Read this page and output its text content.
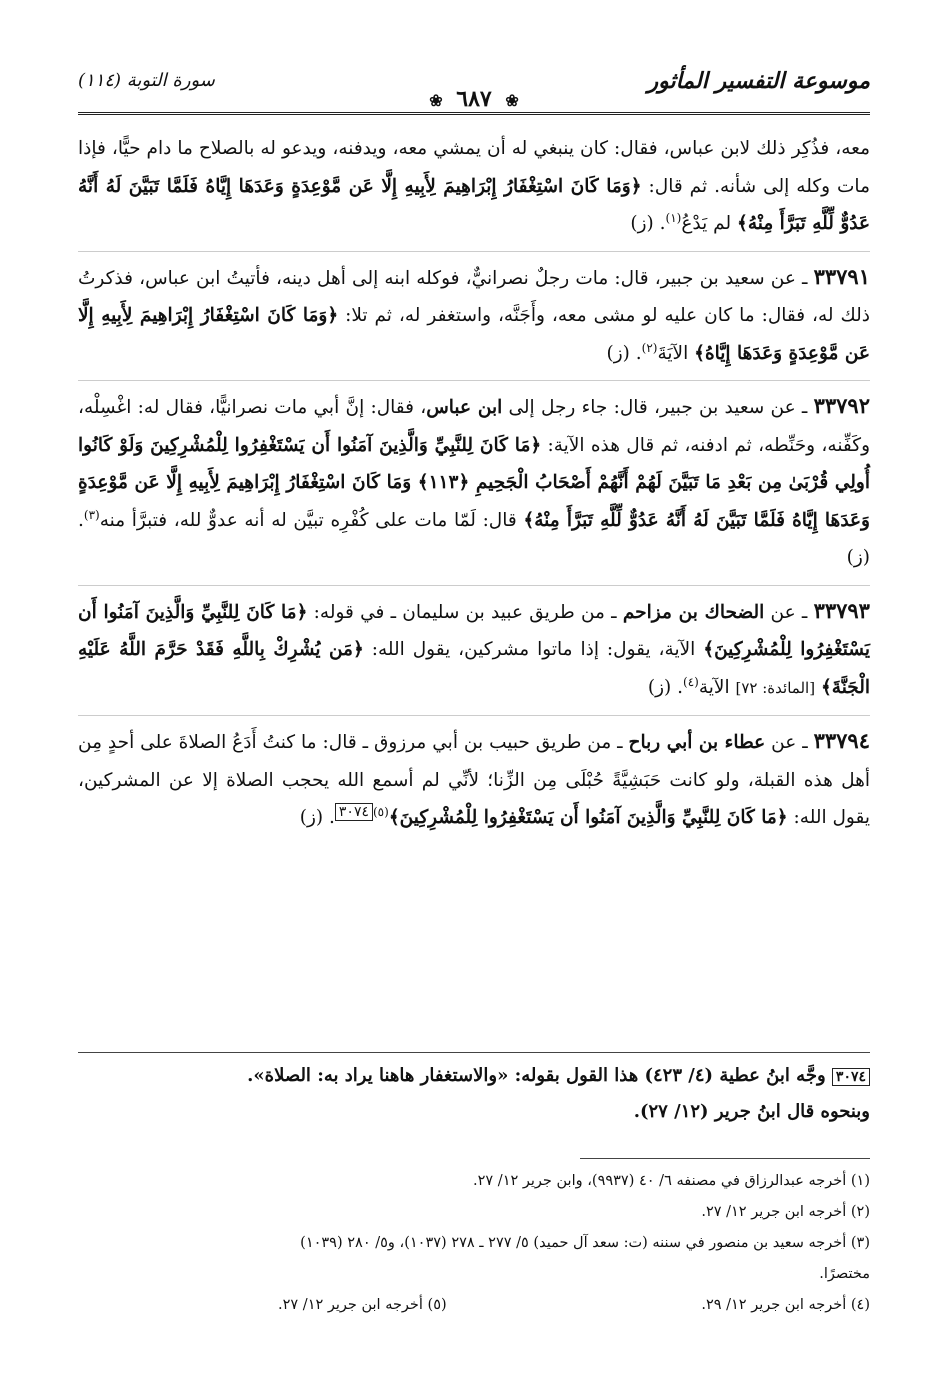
موسوعة التفسير المأثور
❀ ٦٨٧ ❀
سورة التوبة (١١٤)

معه، فذُكِر ذلك لابن عباس، فقال: كان ينبغي له أن يمشي معه، ويدفنه، ويدعو له بالصلاح ما دام حيًّا، فإذا مات وكله إلى شأنه. ثم قال: ﴿وَمَا كَانَ اسْتِغْفَارُ إِبْرَاهِيمَ لِأَبِيهِ إِلَّا عَن مَّوْعِدَةٍ وَعَدَهَا إِيَّاهُ فَلَمَّا تَبَيَّنَ لَهُ أَنَّهُ عَدُوٌّ لِّلَّهِ تَبَرَّأَ مِنْهُ﴾ لم يَدْعُ$^{(١)}$. (ز)

٣٣٧٩١ ـ عن سعيد بن جبير، قال: مات رجلٌ نصرانيٌّ، فوكله ابنه إلى أهل دينه، فأتيتُ ابن عباس، فذكرتُ ذلك له، فقال: ما كان عليه لو مشى معه، وأَجَنَّه، واستغفر له، ثم تلا: ﴿وَمَا كَانَ اسْتِغْفَارُ إِبْرَاهِيمَ لِأَبِيهِ إِلَّا عَن مَّوْعِدَةٍ وَعَدَهَا إِيَّاهُ﴾ الآيَةَ$^{(٢)}$. (ز)

٣٣٧٩٢ ـ عن سعيد بن جبير، قال: جاء رجل إلى ابن عباس، فقال: إنَّ أبي مات نصرانيًّا، فقال له: اغْسِلْه، وكَفِّنه، وحَنِّطه، ثم ادفنه، ثم قال هذه الآية: ﴿مَا كَانَ لِلنَّبِيِّ وَالَّذِينَ آمَنُوا أَن يَسْتَغْفِرُوا لِلْمُشْرِكِينَ وَلَوْ كَانُوا أُولِي قُرْبَىٰ مِن بَعْدِ مَا تَبَيَّنَ لَهُمْ أَنَّهُمْ أَصْحَابُ الْجَحِيمِ ﴿١١٣﴾ وَمَا كَانَ اسْتِغْفَارُ إِبْرَاهِيمَ لِأَبِيهِ إِلَّا عَن مَّوْعِدَةٍ وَعَدَهَا إِيَّاهُ فَلَمَّا تَبَيَّنَ لَهُ أَنَّهُ عَدُوٌّ لِّلَّهِ تَبَرَّأَ مِنْهُ﴾ قال: لَمّا مات على كُفْرِه تبيَّن له أنه عدوٌّ لله، فتبرَّأ منه$^{(٣)}$. (ز)

٣٣٧٩٣ ـ عن الضحاك بن مزاحم ـ من طريق عبيد بن سليمان ـ في قوله: ﴿مَا كَانَ لِلنَّبِيِّ وَالَّذِينَ آمَنُوا أَن يَسْتَغْفِرُوا لِلْمُشْرِكِينَ﴾ الآية، يقول: إذا ماتوا مشركين، يقول الله: ﴿مَن يُشْرِكْ بِاللَّهِ فَقَدْ حَرَّمَ اللَّهُ عَلَيْهِ الْجَنَّةَ﴾ [المائدة: ٧٢] الآية$^{(٤)}$. (ز)

٣٣٧٩٤ ـ عن عطاء بن أبي رباح ـ من طريق حبيب بن أبي مرزوق ـ قال: ما كنتُ أَدَعُ الصلاةَ على أحدٍ مِن أهل هذه القبلة، ولو كانت حَبَشِيَّةً حُبْلَى مِن الزِّنا؛ لأنِّي لم أسمع الله يحجب الصلاة إلا عن المشركين، يقول الله: ﴿مَا كَانَ لِلنَّبِيِّ وَالَّذِينَ آمَنُوا أَن يَسْتَغْفِرُوا لِلْمُشْرِكِينَ﴾$^{(٥)}$٣٠٧٤. (ز)

٣٠٧٤ وجَّه ابنُ عطية (٤/ ٤٢٣) هذا القول بقوله: «والاستغفار هاهنا يراد به: الصلاة».
وبنحوه قال ابنُ جرير (١٢/ ٢٧).
(١) أخرجه عبدالرزاق في مصنفه ٦/ ٤٠ (٩٩٣٧)، وابن جرير ١٢/ ٢٧.
(٢) أخرجه ابن جرير ١٢/ ٢٧.
(٣) أخرجه سعيد بن منصور في سننه (ت: سعد آل حميد) ٥/ ٢٧٧ ـ ٢٧٨ (١٠٣٧)، و٥/ ٢٨٠ (١٠٣٩)
مختصرًا.
(٤) أخرجه ابن جرير ١٢/ ٢٩.
(٥) أخرجه ابن جرير ١٢/ ٢٧.
